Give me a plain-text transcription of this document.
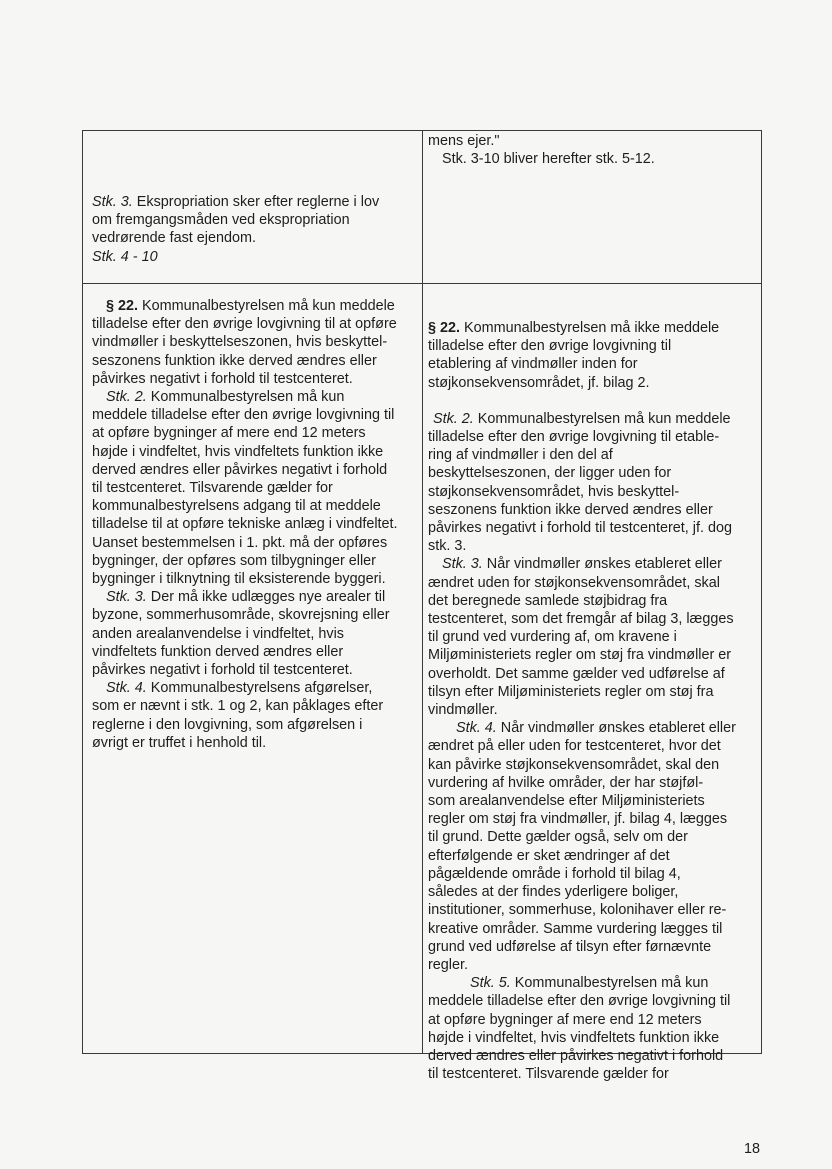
Stk. 3. Ekspropriation sker efter reglerne i lov

om fremgangsmåden ved ekspropriation

vedrørende fast ejendom.

Stk. 4 - 10

mens ejer."

Stk. 3-10 bliver herefter stk. 5-12.

§ 22. Kommunalbestyrelsen må kun meddele

tilladelse efter den øvrige lovgivning til at opføre

vindmøller i beskyttelseszonen, hvis beskyttel-

seszonens funktion ikke derved ændres eller

påvirkes negativt i forhold til testcenteret.

Stk. 2. Kommunalbestyrelsen må kun

meddele tilladelse efter den øvrige lovgivning til

at opføre bygninger af mere end 12 meters

højde i vindfeltet, hvis vindfeltets funktion ikke

derved ændres eller påvirkes negativt i forhold

til testcenteret. Tilsvarende gælder for

kommunalbestyrelsens adgang til at meddele

tilladelse til at opføre tekniske anlæg i vindfeltet.

Uanset bestemmelsen i 1. pkt. må der opføres

bygninger, der opføres som tilbygninger eller

bygninger i tilknytning til eksisterende byggeri.

Stk. 3. Der må ikke udlægges nye arealer til

byzone, sommerhusområde, skovrejsning eller

anden arealanvendelse i vindfeltet, hvis

vindfeltets funktion derved ændres eller

påvirkes negativt i forhold til testcenteret.

Stk. 4. Kommunalbestyrelsens afgørelser,

som er nævnt i stk. 1 og 2, kan påklages efter

reglerne i den lovgivning, som afgørelsen i

øvrigt er truffet i henhold til.

§ 22. Kommunalbestyrelsen må ikke meddele

tilladelse efter den øvrige lovgivning til

etablering af vindmøller inden for

støjkonsekvensområdet, jf. bilag 2.

Stk. 2. Kommunalbestyrelsen må kun meddele

tilladelse efter den øvrige lovgivning til etable-

ring af vindmøller i den del af

beskyttelseszonen, der ligger uden for

støjkonsekvensområdet, hvis beskyttel-

seszonens funktion ikke derved ændres eller

påvirkes negativt i forhold til testcenteret, jf. dog

stk. 3.

Stk. 3. Når vindmøller ønskes etableret eller

ændret uden for støjkonsekvensområdet, skal

det beregnede samlede støjbidrag fra

testcenteret, som det fremgår af bilag 3, lægges

til grund ved vurdering af, om kravene i

Miljøministeriets regler om støj fra vindmøller er

overholdt. Det samme gælder ved udførelse af

tilsyn efter Miljøministeriets regler om støj fra

vindmøller.

Stk. 4. Når vindmøller ønskes etableret eller

ændret på eller uden for testcenteret, hvor det

kan påvirke støjkonsekvensområdet, skal den

vurdering af hvilke områder, der har støjføl-

som arealanvendelse efter Miljøministeriets

regler om støj fra vindmøller, jf. bilag 4, lægges

til grund. Dette gælder også, selv om der

efterfølgende er sket ændringer af det

pågældende område i forhold til bilag 4,

således at der findes yderligere boliger,

institutioner, sommerhuse, kolonihaver eller re-

kreative områder. Samme vurdering lægges til

grund ved udførelse af tilsyn efter førnævnte

regler.

Stk. 5. Kommunalbestyrelsen må kun

meddele tilladelse efter den øvrige lovgivning til

at opføre bygninger af mere end 12 meters

højde i vindfeltet, hvis vindfeltets funktion ikke

derved ændres eller påvirkes negativt i forhold

til testcenteret. Tilsvarende gælder for

18
